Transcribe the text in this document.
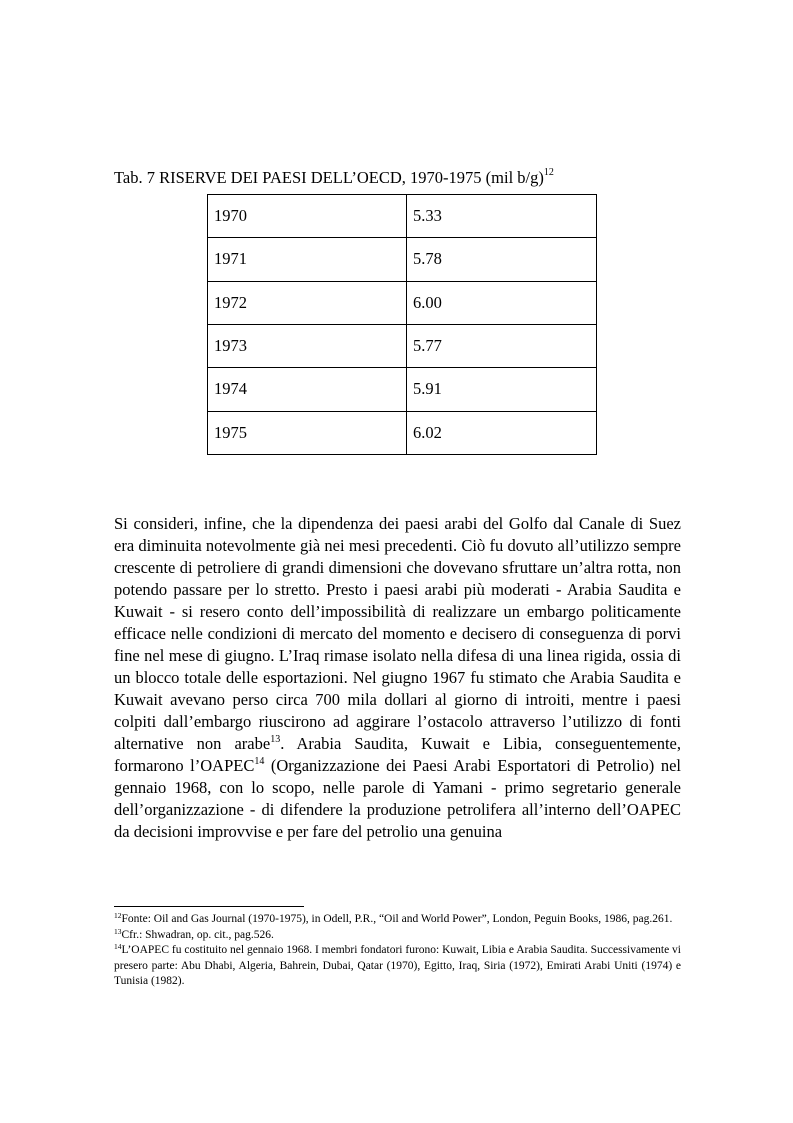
Tab. 7 RISERVE DEI PAESI DELL’OECD, 1970-1975 (mil b/g)$^{12}$
1970	5.33
1971	5.78
1972	6.00
1973	5.77
1974	5.91
1975	6.02
Si consideri, infine, che la dipendenza dei paesi arabi del Golfo dal Canale di Suez era diminuita notevolmente già nei mesi precedenti. Ciò fu dovuto all’utilizzo sempre crescente di petroliere di grandi dimensioni che dovevano sfruttare un’altra rotta, non potendo passare per lo stretto. Presto i paesi arabi più moderati - Arabia Saudita e Kuwait - si resero conto dell’impossibilità di realizzare un embargo politicamente efficace nelle condizioni di mercato del momento e decisero di conseguenza di porvi fine nel mese di giugno. L’Iraq rimase isolato nella difesa di una linea rigida, ossia di un blocco totale delle esportazioni. Nel giugno 1967 fu stimato che Arabia Saudita e Kuwait avevano perso circa 700 mila dollari al giorno di introiti, mentre i paesi colpiti dall’embargo riuscirono ad aggirare l’ostacolo attraverso l’utilizzo di fonti alternative non arabe$^{13}$. Arabia Saudita, Kuwait e Libia, conseguentemente, formarono l’OAPEC$^{14}$ (Organizzazione dei Paesi Arabi Esportatori di Petrolio) nel gennaio 1968, con lo scopo, nelle parole di Yamani - primo segretario generale dell’organizzazione - di difendere la produzione petrolifera all’interno dell’OAPEC da decisioni improvvise e per fare del petrolio una genuina

$^{12}$Fonte: Oil and Gas Journal (1970-1975), in Odell, P.R., “Oil and World Power”, London, Peguin Books, 1986, pag.261.

$^{13}$Cfr.: Shwadran, op. cit., pag.526.

$^{14}$L’OAPEC fu costituito nel gennaio 1968. I membri fondatori furono: Kuwait, Libia e Arabia Saudita. Successivamente vi presero parte: Abu Dhabi, Algeria, Bahrein, Dubai, Qatar (1970), Egitto, Iraq, Siria (1972), Emirati Arabi Uniti (1974) e Tunisia (1982).
